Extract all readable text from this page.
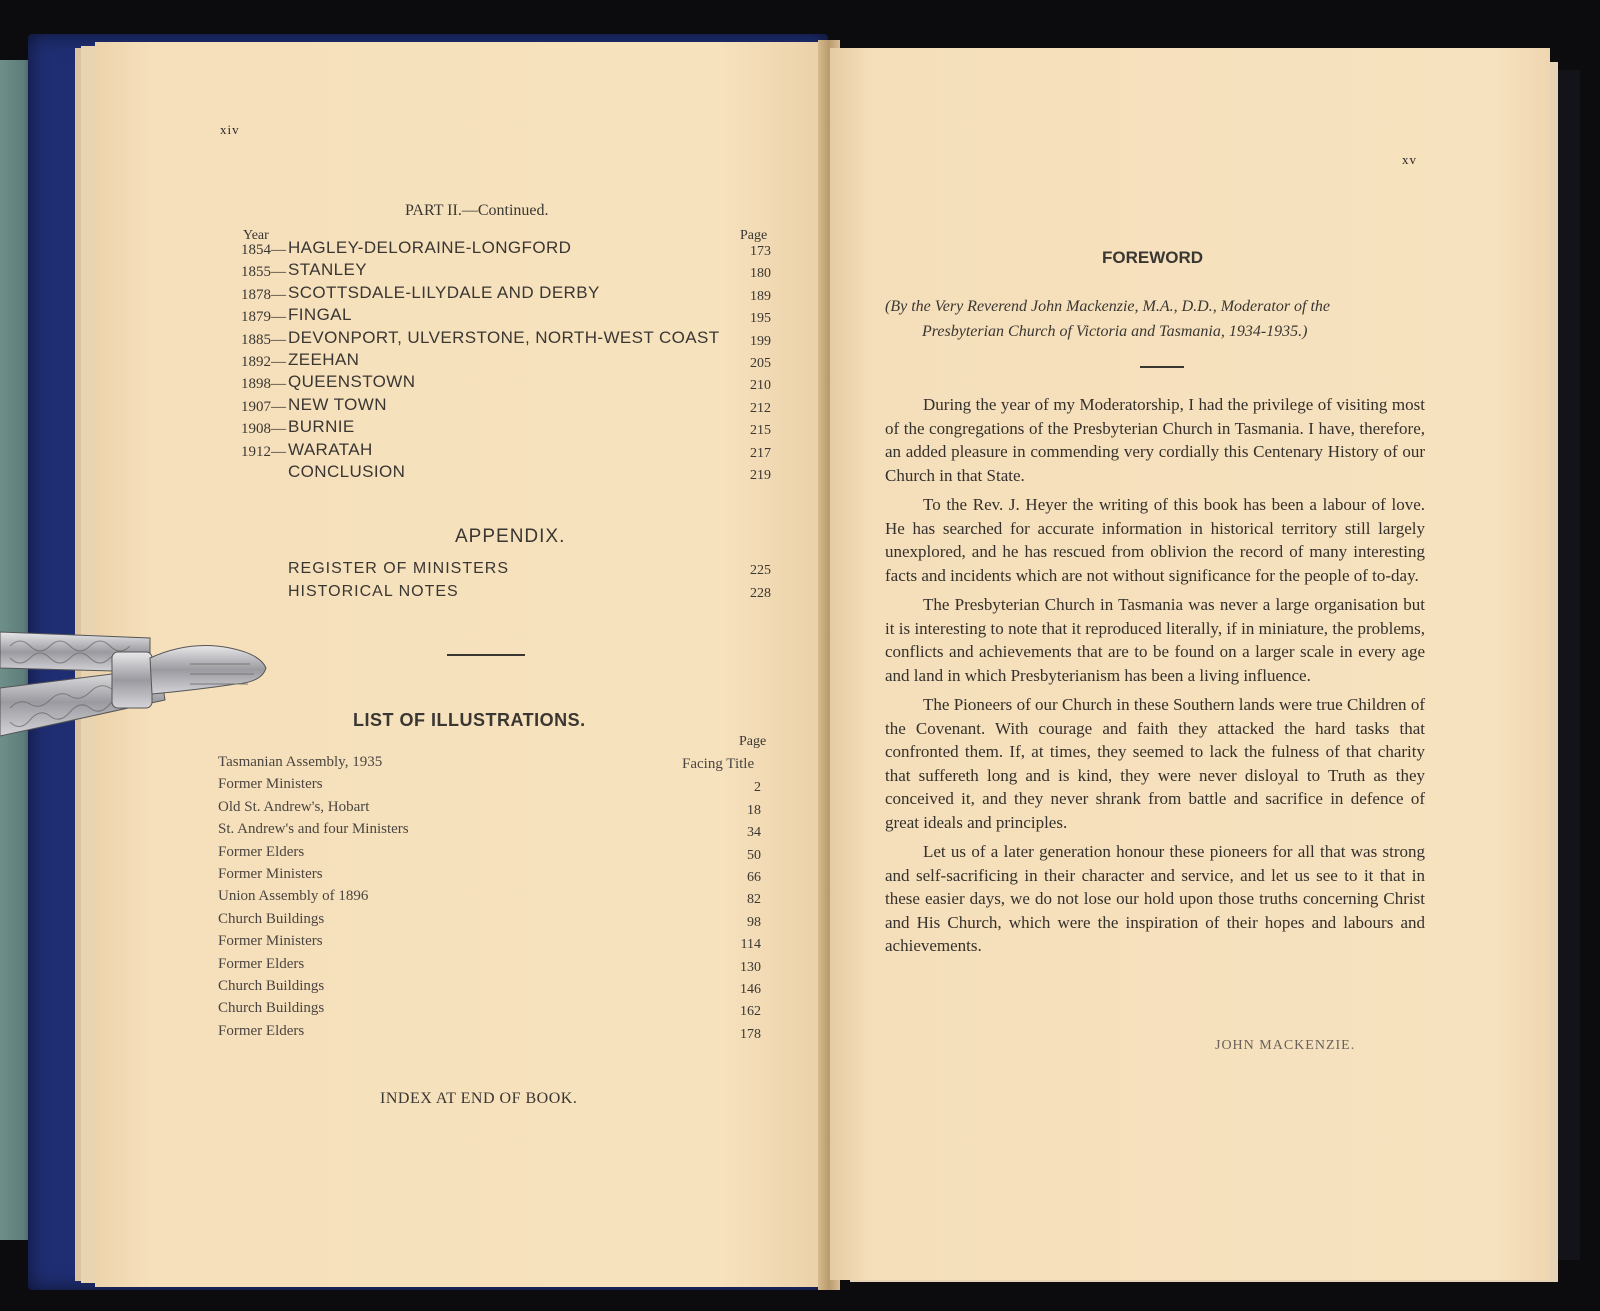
xiv
PART II.—Continued.
Year	Page
1854— HAGLEY-DELORAINE-LONGFORD	173
1855— STANLEY	180
1878— SCOTTSDALE-LILYDALE AND DERBY	189
1879— FINGAL	195
1885— DEVONPORT, ULVERSTONE, NORTH-WEST COAST	199
1892— ZEEHAN	205
1898— QUEENSTOWN	210
1907— NEW TOWN	212
1908— BURNIE	215
1912— WARATAH	217
CONCLUSION	219
APPENDIX.
REGISTER OF MINISTERS	225
HISTORICAL NOTES	228
LIST OF ILLUSTRATIONS.
Page
Tasmanian Assembly, 1935	Facing Title
Former Ministers	2
Old St. Andrew's, Hobart	18
St. Andrew's and four Ministers	34
Former Elders	50
Former Ministers	66
Union Assembly of 1896	82
Church Buildings	98
Former Ministers	114
Former Elders	130
Church Buildings	146
Church Buildings	162
Former Elders	178
INDEX AT END OF BOOK.
xv
FOREWORD
(By the Very Reverend John Mackenzie, M.A., D.D., Moderator of the
Presbyterian Church of Victoria and Tasmania, 1934-1935.)

During the year of my Moderatorship, I had the privilege of visiting most of the congregations of the Presbyterian Church in Tasmania. I have, therefore, an added pleasure in commending very cordially this Centenary History of our Church in that State.

To the Rev. J. Heyer the writing of this book has been a labour of love. He has searched for accurate information in historical territory still largely unexplored, and he has rescued from oblivion the record of many interesting facts and incidents which are not without significance for the people of to-day.

The Presbyterian Church in Tasmania was never a large organisation but it is interesting to note that it reproduced literally, if in miniature, the problems, conflicts and achievements that are to be found on a larger scale in every age and land in which Presbyterianism has been a living influence.

The Pioneers of our Church in these Southern lands were true Children of the Covenant. With courage and faith they attacked the hard tasks that confronted them. If, at times, they seemed to lack the fulness of that charity that suffereth long and is kind, they were never disloyal to Truth as they conceived it, and they never shrank from battle and sacrifice in defence of great ideals and principles.

Let us of a later generation honour these pioneers for all that was strong and self-sacrificing in their character and service, and let us see to it that in these easier days, we do not lose our hold upon those truths concerning Christ and His Church, which were the inspiration of their hopes and labours and achievements.

JOHN MACKENZIE.
